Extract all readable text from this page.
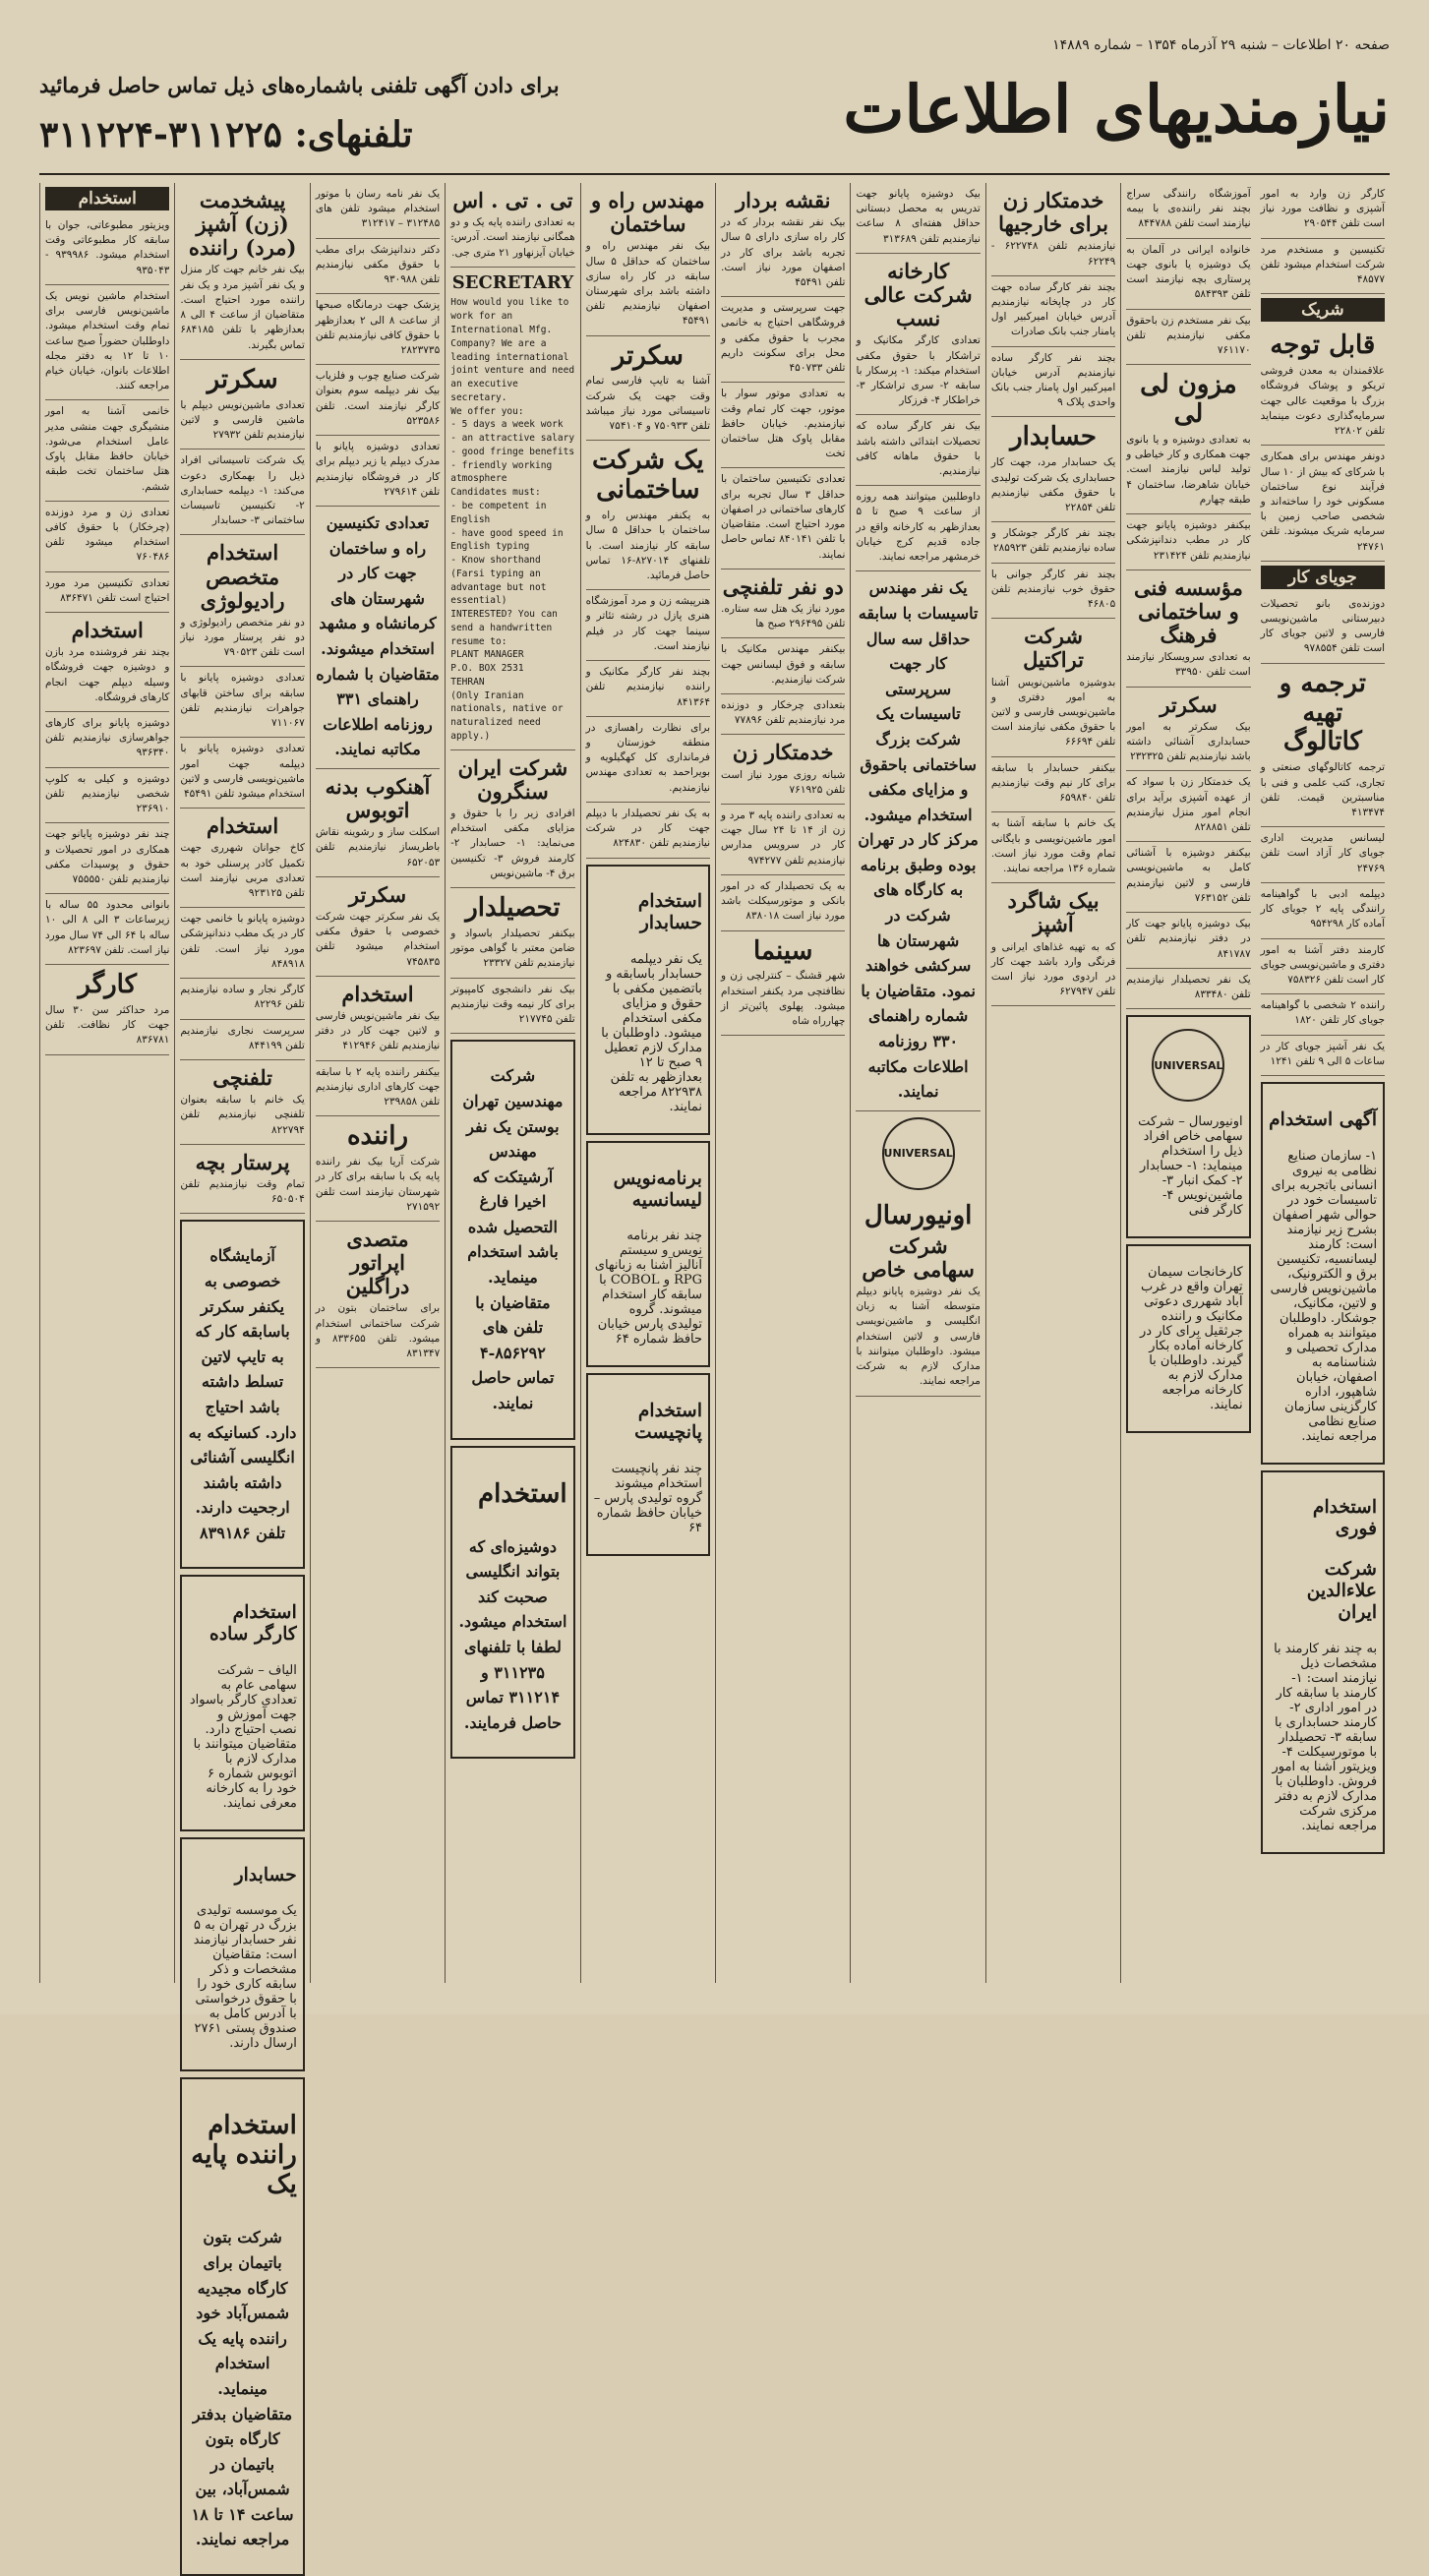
صفحه ۲۰ اطلاعات – شنبه ۲۹ آذرماه ۱۳۵۴ – شماره ۱۴۸۸۹
نیازمندیهای اطلاعات
برای دادن آگهی تلفنی باشماره‌های ذیل تماس حاصل فرمائید
تلفنهای: ۳۱۱۲۲۵-۳۱۱۲۲۴
استخدام

ویزیتور مطبوعاتی، جوان با سابقه کار مطبوعاتی وقت استخدام میشود. ۹۳۹۹۸۶ - ۹۳۵۰۴۳

استخدام ماشین نویس یک ماشین‌نویس فارسی برای تمام وقت استخدام میشود. داوطلبان حضوراً صبح ساعت ۱۰ تا ۱۲ به دفتر مجله اطلاعات بانوان، خیابان خیام مراجعه کنند.

خانمی آشنا به امور منشیگری جهت منشی مدیر عامل استخدام می‌شود. خیابان حافظ مقابل پاوک هتل ساختمان تخت طبقه ششم.

تعدادی زن و مرد دوزنده (چرخکار) با حقوق کافی استخدام میشود تلفن ۷۶۰۴۸۶

تعدادی تکنیسین مرد مورد احتیاج است تلفن ۸۳۶۴۷۱

استخدام

بچند نفر فروشنده مرد بازن و دوشیزه جهت فروشگاه وسیله دیپلم جهت انجام کارهای فروشگاه.

دوشیزه پایانو برای کارهای جواهرسازی نیازمندیم تلفن ۹۳۶۳۴۰

دوشیزه و کیلی به کلوپ شخصی نیازمندیم تلفن ۲۳۶۹۱۰

چند نفر دوشیزه پایانو جهت همکاری در امور تحصیلات و حقوق و پوسیدات مکفی نیازمندیم تلفن ۷۵۵۵۵۰

بانوانی محدود ۵۵ ساله با زیرساعات ۳ الی ۸ الی ۱۰ ساله با ۶۴ الی ۷۴ سال مورد نیاز است. تلفن ۸۲۳۶۹۷

کارگر

مرد حداکثر سن ۳۰ سال جهت کار نظافت. تلفن ۸۳۶۷۸۱

پیشخدمت (زن) آشپز (مرد) راننده

بیک نفر خانم جهت کار منزل و یک نفر آشپز مرد و یک نفر راننده مورد احتیاج است. متقاضیان از ساعت ۴ الی ۸ بعدازظهر با تلفن ۶۸۴۱۸۵ تماس بگیرند.

سکرتر

تعدادی ماشین‌نویس دیپلم با ماشین فارسی و لاتین نیازمندیم تلفن ۲۷۹۳۲

یک شرکت تاسیساتی افراد ذیل را بهمکاری دعوت می‌کند: ۱- دیپلمه حسابداری ۲- تکنیسین تاسیسات ساختمانی ۳- حسابدار

استخدام متخصص رادیولوژی

دو نفر متخصص رادیولوژی و دو نفر پرستار مورد نیاز است تلفن ۷۹۰۵۲۳

تعدادی دوشیزه پایانو با سابقه برای ساختن قابهای جواهرات نیازمندیم تلفن ۷۱۱۰۶۷

تعدادی دوشیزه پایانو با دیپلمه جهت امور ماشین‌نویسی فارسی و لاتین استخدام میشود تلفن ۴۵۴۹۱

استخدام

کاخ جوانان شهرری جهت تکمیل کادر پرسنلی خود به تعدادی مربی نیازمند است تلفن ۹۲۳۱۲۵

دوشیزه پایانو با خانمی جهت کار در یک مطب دندانپزشکی مورد نیاز است. تلفن ۸۴۸۹۱۸

کارگر نجار و ساده نیازمندیم تلفن ۸۲۲۹۶

سرپرست نجاری نیازمندیم تلفن ۸۴۴۱۹۹

تلفنچی

یک خانم با سابقه بعنوان تلفنچی نیازمندیم تلفن ۸۲۲۷۹۴

پرستار بچه

تمام وقت نیازمندیم تلفن ۶۵۰۵۰۴

آزمایشگاه خصوصی به یکنفر سکرتر باسابقه کار که به تایپ لاتین تسلط داشته باشد احتیاج دارد. کسانیکه به انگلیسی آشنائی داشته باشند ارجحیت دارند. تلفن ۸۳۹۱۸۶

استخدام کارگر ساده

الیاف – شرکت سهامی عام به تعدادی کارگر باسواد جهت آموزش و نصب احتیاج دارد. متقاضیان میتوانند با مدارک لازم با اتوبوس شماره ۶ خود را به کارخانه معرفی نمایند.

حسابدار

یک موسسه تولیدی بزرگ در تهران به ۵ نفر حسابدار نیازمند است: متقاضیان مشخصات و ذکر سابقه کاری خود را با حقوق درخواستی با آدرس کامل به صندوق پستی ۲۷۶۱ ارسال دارند.

استخدام راننده پایه یک

شرکت بتون باتیمان برای کارگاه مجیدیه شمس‌آباد خود راننده پایه یک استخدام مینماید. متقاضیان بدفتر کارگاه بتون باتیمان در شمس‌آباد، بین ساعت ۱۴ تا ۱۸ مراجعه نمایند.

یک نفر نامه رسان با موتور استخدام میشود تلفن های ۳۱۲۴۸۵ – ۳۱۲۴۱۷

دکتر دندانپزشک برای مطب با حقوق مکفی نیازمندیم تلفن ۹۳۰۹۸۸

پزشک جهت درمانگاه صبحها از ساعت ۸ الی ۲ بعدازظهر با حقوق کافی نیازمندیم تلفن ۲۸۲۳۷۳۵

شرکت صنایع چوب و فلزیاب بیک نفر دیپلمه سوم بعنوان کارگر نیازمند است. تلفن ۵۲۳۵۸۶

تعدادی دوشیزه پایانو با مدرک دیپلم یا زیر دیپلم برای کار در فروشگاه نیازمندیم تلفن ۲۷۹۶۱۴

تعدادی تکنیسین راه و ساختمان جهت کار در شهرستان های کرمانشاه و مشهد استخدام میشوند. متقاضیان با شماره راهنمای ۳۳۱ روزنامه اطلاعات مکاتبه نمایند.

آهنکوب بدنه اتوبوس

اسکلت ساز و رشوینه نقاش باطریساز نیازمندیم تلفن ۶۵۲۰۵۳

سکرتر

یک نفر سکرتر جهت شرکت خصوصی با حقوق مکفی استخدام میشود تلفن ۷۴۵۸۳۵

استخدام

بیک نفر ماشین‌نویس فارسی و لاتین جهت کار در دفتر نیازمندیم تلفن ۴۱۲۹۴۶

بیکنفر راننده پایه ۲ با سابقه جهت کارهای اداری نیازمندیم تلفن ۲۳۹۸۵۸

راننده

شرکت آریا بیک نفر راننده پایه یک با سابقه برای کار در شهرستان نیازمند است تلفن ۲۷۱۵۹۲

متصدی اپراتور دراگلین

برای ساختمان بتون در شرکت ساختمانی استخدام میشود. تلفن ۸۳۳۶۵۵ و ۸۳۱۳۴۷

تی . تی . اس

به تعدادی راننده پایه یک و دو همگانی نیازمند است. آدرس: خیابان آیزنهاور ۲۱ متری جی.

SECRETARY

How would you like to work for an International Mfg. Company? We are a leading international joint venture and need an executive secretary.

We offer you:

- 5 days a week work

- an attractive salary

- good fringe benefits

- friendly working atmosphere

Candidates must:

- be competent in English

- have good speed in English typing

- Know shorthand (Farsi typing an advantage but not essential)

INTERESTED? You can send a handwritten resume to:

PLANT MANAGER

P.O. BOX 2531

TEHRAN

(Only Iranian nationals, native or naturalized need apply.)

شرکت ایران سنگرون

افرادی زیر را با حقوق و مزایای مکفی استخدام می‌نماید: ۱- حسابدار ۲- کارمند فروش ۳- تکنیسین برق ۴- ماشین‌نویس

تحصیلدار

بیکنفر تحصیلدار باسواد و ضامن معتبر با گواهی موتور نیازمندیم تلفن ۲۳۳۲۷

بیک نفر دانشجوی کامپیوتر برای کار نیمه وقت نیازمندیم تلفن ۲۱۷۷۴۵

شرکت مهندسین تهران بوستن یک نفر مهندس آرشیتکت که اخیرا فارغ التحصیل شده باشد استخدام مینماید. متقاضیان با تلفن های ۸۵۶۲۹۲-۴ تماس حاصل نمایند.

استخدام

دوشیزه‌ای که بتواند انگلیسی صحبت کند استخدام میشود. لطفا با تلفنهای ۳۱۱۲۳۵ و ۳۱۱۲۱۴ تماس حاصل فرمایند.

مهندس راه و ساختمان

بیک نفر مهندس راه و ساختمان که حداقل ۵ سال سابقه در کار راه سازی داشته باشد برای شهرستان اصفهان نیازمندیم تلفن ۴۵۴۹۱

سکرتر

آشنا به تایپ فارسی تمام وقت جهت یک شرکت تاسیساتی مورد نیاز میباشد تلفن ۷۵۰۹۳۳ و ۷۵۴۱۰۴

یک شرکت ساختمانی

به یکنفر مهندس راه و ساختمان با حداقل ۵ سال سابقه کار نیازمند است. با تلفنهای ۸۲۷۰۱۴-۱۶ تماس حاصل فرمائید.

هنرپیشه زن و مرد آموزشگاه هنری پازل در رشته تئاتر و سینما جهت کار در فیلم نیازمند است.

بچند نفر کارگر مکانیک و راننده نیازمندیم تلفن ۸۴۱۳۶۴

برای نظارت راهسازی در منطقه خوزستان و فرمانداری کل کهگیلویه و بویراحمد به تعدادی مهندس نیازمندیم.

به یک نفر تحصیلدار با دیپلم جهت کار در شرکت نیازمندیم تلفن ۸۲۴۸۳۰

استخدام حسابدار

یک نفر دیپلمه حسابدار باسابقه و باتضمین مکفی با حقوق و مزایای مکفی استخدام میشود. داوطلبان با مدارک لازم تعطیل ۹ صبح تا ۱۲ بعدازظهر به تلفن ۸۲۲۹۳۸ مراجعه نمایند.

برنامه‌نویس لیسانسیه

چند نفر برنامه نویس و سیستم آنالیز آشنا به زبانهای RPG و COBOL با سابقه کار استخدام میشوند. گروه تولیدی پارس خیابان حافظ شماره ۶۴

استخدام پانچیست

چند نفر پانچیست استخدام میشوند گروه تولیدی پارس – خیابان حافظ شماره ۶۴

نقشه بردار

بیک نفر نقشه بردار که در کار راه سازی دارای ۵ سال تجربه باشد برای کار در اصفهان مورد نیاز است. تلفن ۴۵۴۹۱

جهت سرپرستی و مدیریت فروشگاهی احتیاج به خانمی مجرب با حقوق مکفی و محل برای سکونت داریم تلفن ۴۵۰۷۳۳

به تعدادی موتور سوار با موتور، جهت کار تمام وقت نیازمندیم. خیابان حافظ مقابل پاوک هتل ساختمان تخت

تعدادی تکنیسین ساختمان با حداقل ۳ سال تجربه برای کارهای ساختمانی در اصفهان مورد احتیاج است. متقاضیان با تلفن ۸۴۰۱۴۱ تماس حاصل نمایند.

دو نفر تلفنچی

مورد نیاز یک هتل سه ستاره. تلفن ۲۹۶۴۹۵ صبح ها

بیکنفر مهندس مکانیک با سابقه و فوق لیسانس جهت شرکت نیازمندیم.

بتعدادی چرخکار و دوزنده مرد نیازمندیم تلفن ۷۷۸۹۶

خدمتکار زن

شبانه روزی مورد نیاز است تلفن ۷۶۱۹۲۵

به تعدادی راننده پایه ۳ مرد و زن از ۱۴ تا ۲۴ سال جهت کار در سرویس مدارس نیازمندیم تلفن ۹۷۴۲۷۷

به یک تحصیلدار که در امور بانکی و موتورسیکلت باشد مورد نیاز است ۸۳۸۰۱۸

سینما

شهر قشنگ – کنترلچی زن و نظافتچی مرد یکنفر استخدام میشود. پهلوی پائین‌تر از چهارراه شاه

بیک دوشیزه پایانو جهت تدریس به محصل دبستانی حداقل هفته‌ای ۸ ساعت نیازمندیم تلفن ۳۱۳۶۸۹

کارخانه شرکت عالی نسب

تعدادی کارگر مکانیک و تراشکار با حقوق مکفی استخدام میکند: ۱- پرسکار با سابقه ۲- سری تراشکار ۳- خراطکار ۴- فرزکار

بیک نفر کارگر ساده که تحصیلات ابتدائی داشته باشد با حقوق ماهانه کافی نیازمندیم.

داوطلبین میتوانند همه روزه از ساعت ۹ صبح تا ۵ بعدازظهر به کارخانه واقع در جاده قدیم کرج خیابان خرمشهر مراجعه نمایند.

یک نفر مهندس تاسیسات با سابقه حداقل سه سال کار جهت سرپرستی تاسیسات یک شرکت بزرگ ساختمانی باحقوق و مزایای مکفی استخدام میشود. مرکز کار در تهران بوده وطبق برنامه به کارگاه های شرکت در شهرستان ها سرکشی خواهند نمود. متقاضیان با شماره راهنمای ۳۳۰ روزنامه اطلاعات مکاتبه نمایند.

UNIVERSAL
اونیورسال
شرکت سهامی خاص

یک نفر دوشیزه پایانو دیپلم متوسطه آشنا به زبان انگلیسی و ماشین‌نویسی فارسی و لاتین استخدام میشود. داوطلبان میتوانند با مدارک لازم به شرکت مراجعه نمایند.

خدمتکار زن برای خارجیها

نیازمندیم تلفن ۶۲۲۷۴۸ - ۶۲۲۴۹

بچند نفر کارگر ساده جهت کار در چاپخانه نیازمندیم آدرس خیابان امیرکبیر اول پامنار جنب بانک صادرات

بچند نفر کارگر ساده نیازمندیم آدرس خیابان امیرکبیر اول پامنار جنب بانک واحدی پلاک ۹

حسابدار

یک حسابدار مرد، جهت کار حسابداری یک شرکت تولیدی با حقوق مکفی نیازمندیم تلفن ۲۲۸۵۴

بچند نفر کارگر جوشکار و ساده نیازمندیم تلفن ۲۸۵۹۲۳

بچند نفر کارگر جوانی با حقوق خوب نیازمندیم تلفن ۴۶۸۰۵

شرکت تراکتیل

بدوشیزه ماشین‌نویس آشنا به امور دفتری و ماشین‌نویسی فارسی و لاتین با حقوق مکفی نیازمند است تلفن ۶۶۶۹۴

بیکنفر حسابدار با سابقه برای کار نیم وقت نیازمندیم تلفن ۶۵۹۸۴۰

یک خانم با سابقه آشنا به امور ماشین‌نویسی و بایگانی تمام وقت مورد نیاز است. شماره ۱۳۶ مراجعه نمایند.

بیک شاگرد آشپز

که به تهیه غذاهای ایرانی و فرنگی وارد باشد جهت کار در اردوی مورد نیاز است تلفن ۶۲۷۹۴۷

آموزشگاه رانندگی سراج بچند نفر راننده‌ی با بیمه نیازمند است تلفن ۸۴۴۷۸۸

خانواده ایرانی در آلمان به یک دوشیزه یا بانوی جهت پرستاری بچه نیازمند است تلفن ۵۸۴۳۹۳

بیک نفر مستخدم زن باحقوق مکفی نیازمندیم تلفن ۷۶۱۱۷۰

مزون لی لی

به تعدادی دوشیزه و یا بانوی جهت همکاری و کار خیاطی و تولید لباس نیازمند است. خیابان شاهرضا، ساختمان ۴ طبقه چهارم

بیکنفر دوشیزه پایانو جهت کار در مطب دندانپزشکی نیازمندیم تلفن ۲۳۱۴۲۴

مؤسسه فنی و ساختمانی فرهنگ

به تعدادی سرویسکار نیازمند است تلفن ۳۳۹۵۰

سکرتر

بیک سکرتر به امور حسابداری آشنائی داشته باشد نیازمندیم تلفن ۲۳۲۳۲۵

یک خدمتکار زن با سواد که از عهده آشپزی برآید برای انجام امور منزل نیازمندیم تلفن ۸۲۸۸۵۱

بیکنفر دوشیزه با آشنائی کامل به ماشین‌نویسی فارسی و لاتین نیازمندیم تلفن ۷۶۳۱۵۲

بیک دوشیزه پایانو جهت کار در دفتر نیازمندیم تلفن ۸۴۱۷۸۷

یک نفر تحصیلدار نیازمندیم تلفن ۸۳۳۴۸۰

UNIVERSAL

اونیورسال – شرکت سهامی خاص افراد ذیل را استخدام مینماید: ۱- حسابدار ۲- کمک انبار ۳- ماشین‌نویس ۴- کارگر فنی

کارخانجات سیمان تهران واقع در غرب آباد شهرری دعوتی مکانیک و راننده جرثقیل برای کار در کارخانه آماده بکار گیرند. داوطلبان با مدارک لازم به کارخانه مراجعه نمایند.

کارگر زن وارد به امور آشپزی و نظافت مورد نیاز است تلفن ۲۹۰۵۴۴

تکنیسین و مستخدم مرد شرکت استخدام میشود تلفن ۴۸۵۷۷

شریک
قابل توجه

علاقمندان به معدن فروشی تریکو و پوشاک فروشگاه بزرگ با موقعیت عالی جهت سرمایه‌گذاری دعوت مینماید تلفن ۲۲۸۰۲

دونفر مهندس برای همکاری با شرکای که بیش از ۱۰ سال فرآیند نوع ساختمان مسکونی خود را ساخته‌اند و شخصی صاحب زمین با سرمایه شریک میشوند. تلفن ۲۴۷۶۱

جویای کار

دوزنده‌ی بانو تحصیلات دبیرستانی ماشین‌نویسی فارسی و لاتین جویای کار است تلفن ۹۷۸۵۵۴

ترجمه و تهیه کاتالوگ

ترجمه کاتالوگهای صنعتی و تجاری، کتب علمی و فنی با مناسبترین قیمت. تلفن ۴۱۳۴۷۴

لیسانس مدیریت اداری جویای کار آزاد است تلفن ۲۴۷۶۹

دیپلمه ادبی با گواهینامه رانندگی پایه ۲ جویای کار آماده کار ۹۵۴۲۹۸

کارمند دفتر آشنا به امور دفتری و ماشین‌نویسی جویای کار است تلفن ۷۵۸۳۲۶

راننده ۲ شخصی با گواهینامه جویای کار تلفن ۱۸۲۰

یک نفر آشپز جویای کار در ساعات ۵ الی ۹ تلفن ۱۲۴۱

آگهی استخدام

۱- سازمان صنایع نظامی به نیروی انسانی باتجربه برای تاسیسات خود در حوالی شهر اصفهان بشرح زیر نیازمند است: کارمند لیسانسیه، تکنیسین برق و الکترونیک، ماشین‌نویس فارسی و لاتین، مکانیک، جوشکار. داوطلبان میتوانند به همراه مدارک تحصیلی و شناسنامه به اصفهان، خیابان شاهپور، اداره کارگزینی سازمان صنایع نظامی مراجعه نمایند.

استخدام فوری
شرکت علاءالدین ایران

به چند نفر کارمند با مشخصات ذیل نیازمند است: ۱- کارمند با سابقه کار در امور اداری ۲- کارمند حسابداری با سابقه ۳- تحصیلدار با موتورسیکلت ۴- ویزیتور آشنا به امور فروش. داوطلبان با مدارک لازم به دفتر مرکزی شرکت مراجعه نمایند.
